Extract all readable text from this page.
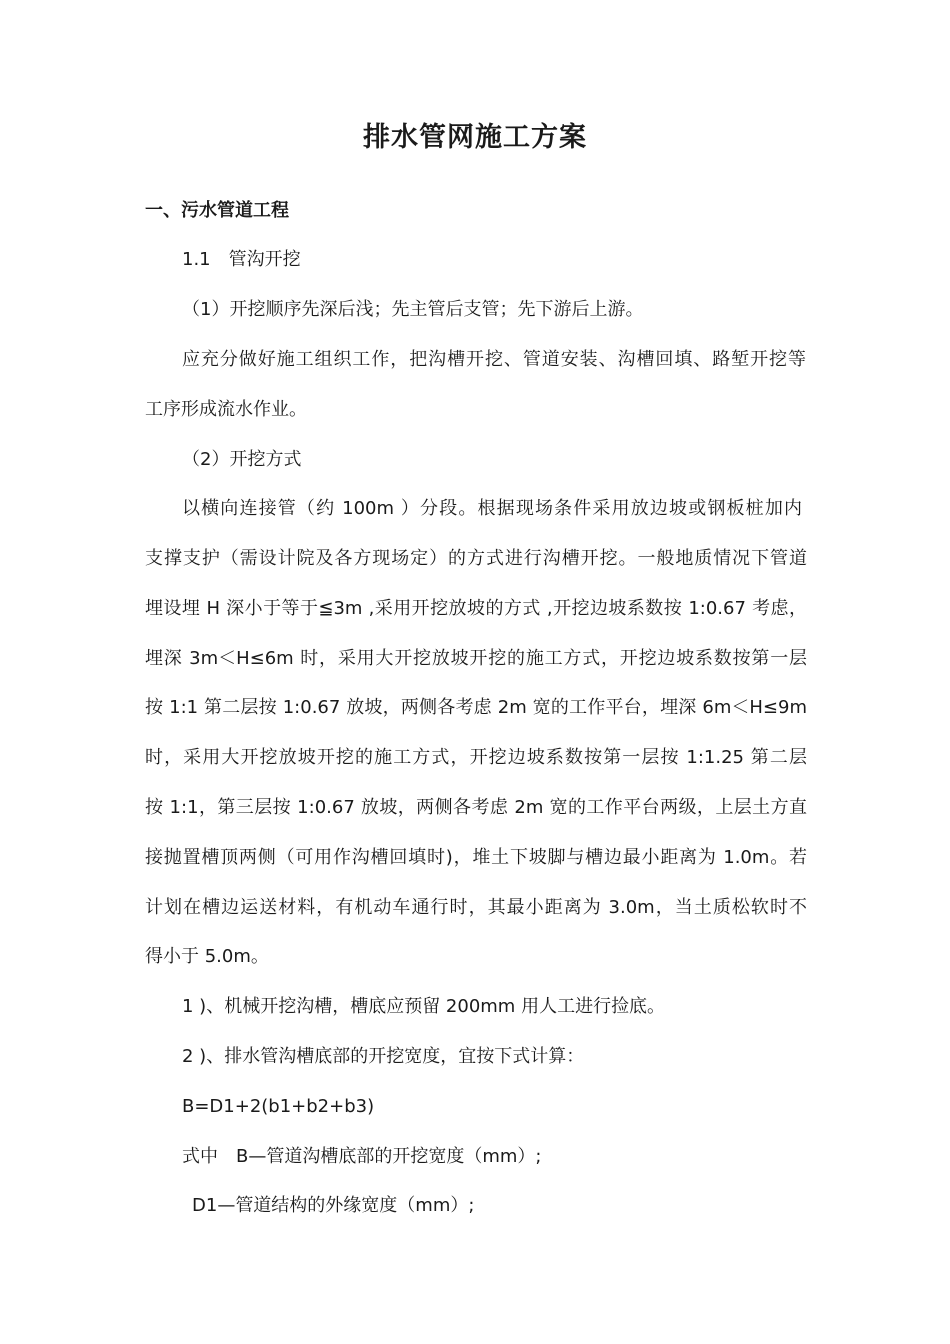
排水管网施工方案
一、污水管道工程
1.1　管沟开挖
（1）开挖顺序先深后浅；先主管后支管；先下游后上游。
应充分做好施工组织工作，把沟槽开挖、管道安装、沟槽回填、路堑开挖等
工序形成流水作业。
（2）开挖方式
以横向连接管（约 100m ）分段。根据现场条件采用放边坡或钢板桩加内
支撑支护（需设计院及各方现场定）的方式进行沟槽开挖。一般地质情况下管道
埋设埋 H 深小于等于≦3m ,采用开挖放坡的方式 ,开挖边坡系数按 1:0.67 考虑，
埋深 3m＜H≤6m 时，采用大开挖放坡开挖的施工方式，开挖边坡系数按第一层
按 1:1 第二层按 1:0.67 放坡，两侧各考虑 2m 宽的工作平台，埋深 6m＜H≤9m
时，采用大开挖放坡开挖的施工方式，开挖边坡系数按第一层按 1:1.25 第二层
按 1:1，第三层按 1:0.67 放坡，两侧各考虑 2m 宽的工作平台两级，上层土方直
接抛置槽顶两侧（可用作沟槽回填时)，堆土下坡脚与槽边最小距离为 1.0m。若
计划在槽边运送材料，有机动车通行时，其最小距离为 3.0m，当土质松软时不
得小于 5.0m。
1 )、机械开挖沟槽，槽底应预留 200mm 用人工进行捡底。
2 )、排水管沟槽底部的开挖宽度，宜按下式计算：
B=D1+2(b1+b2+b3)
式中　B—管道沟槽底部的开挖宽度（mm）;
D1—管道结构的外缘宽度（mm）;
